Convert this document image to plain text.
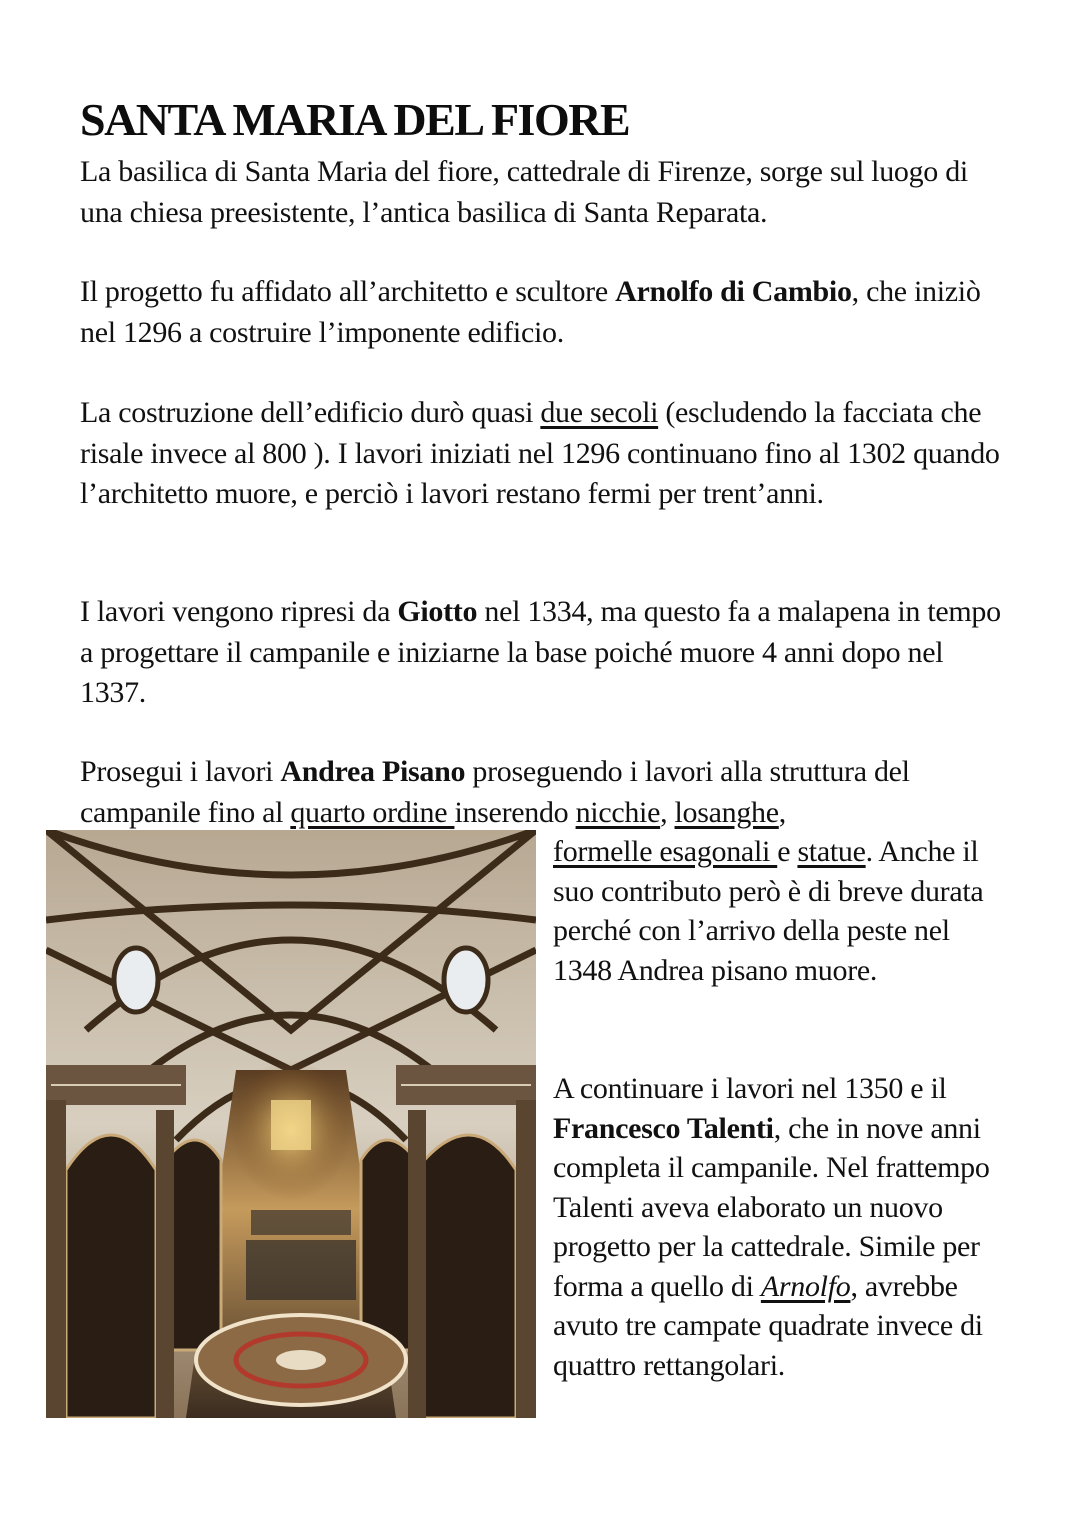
SANTA MARIA DEL FIORE

La basilica di Santa Maria del fiore, cattedrale di Firenze, sorge sul luogo di una chiesa preesistente, l’antica basilica di Santa Reparata.

Il progetto fu affidato all’architetto e scultore Arnolfo di Cambio, che iniziò nel 1296 a costruire l’imponente edificio.

La costruzione dell’edificio durò quasi due secoli (escludendo la facciata che risale invece al 800 ). I lavori iniziati nel 1296 continuano fino al 1302 quando l’architetto muore, e perciò i lavori restano fermi per trent’anni.

I lavori vengono ripresi da Giotto nel 1334, ma questo fa a malapena in tempo a progettare il campanile e iniziarne la base poiché muore 4 anni dopo nel 1337.

Prosegui i lavori Andrea Pisano proseguendo i lavori alla struttura del campanile fino al quarto ordine inserendo nicchie, losanghe,

formelle esagonali e statue. Anche il suo contributo però è di breve durata perché con l’arrivo della peste nel 1348 Andrea pisano muore.

A continuare i lavori nel 1350 e il Francesco Talenti, che in nove anni completa il campanile. Nel frattempo Talenti aveva elaborato un nuovo progetto per la cattedrale. Simile per forma a quello di Arnolfo, avrebbe avuto tre campate quadrate invece di quattro rettangolari.
